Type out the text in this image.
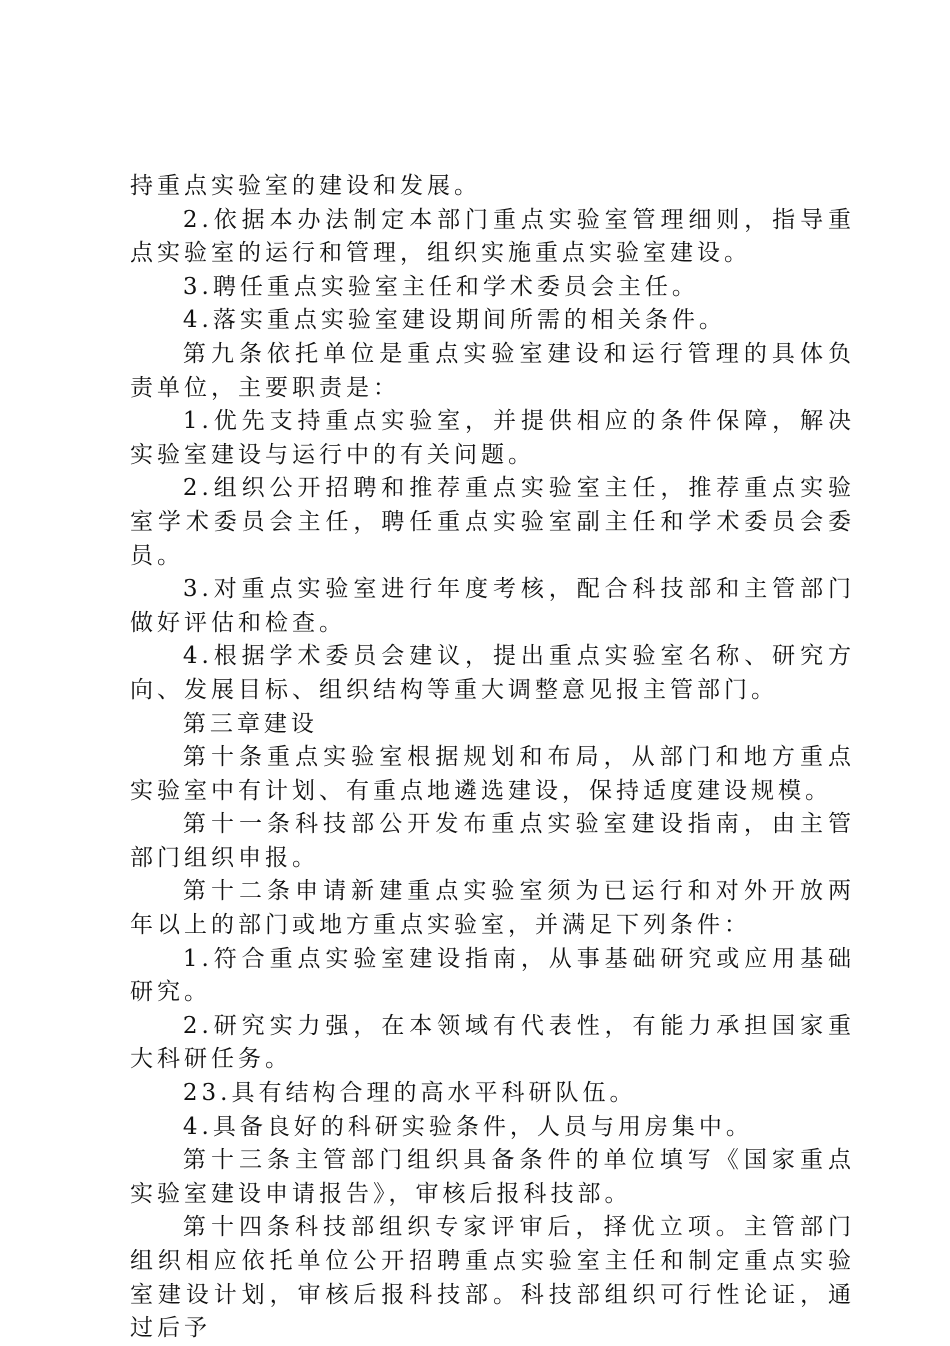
持重点实验室的建设和发展。

2.依据本办法制定本部门重点实验室管理细则，指导重点实验室的运行和管理，组织实施重点实验室建设。

3.聘任重点实验室主任和学术委员会主任。

4.落实重点实验室建设期间所需的相关条件。

第九条依托单位是重点实验室建设和运行管理的具体负责单位，主要职责是：

1.优先支持重点实验室，并提供相应的条件保障，解决实验室建设与运行中的有关问题。

2.组织公开招聘和推荐重点实验室主任，推荐重点实验室学术委员会主任，聘任重点实验室副主任和学术委员会委员。

3.对重点实验室进行年度考核，配合科技部和主管部门做好评估和检查。

4.根据学术委员会建议，提出重点实验室名称、研究方向、发展目标、组织结构等重大调整意见报主管部门。

第三章建设

第十条重点实验室根据规划和布局，从部门和地方重点实验室中有计划、有重点地遴选建设，保持适度建设规模。

第十一条科技部公开发布重点实验室建设指南，由主管部门组织申报。

第十二条申请新建重点实验室须为已运行和对外开放两年以上的部门或地方重点实验室，并满足下列条件：

1.符合重点实验室建设指南，从事基础研究或应用基础研究。

2.研究实力强，在本领域有代表性，有能力承担国家重大科研任务。

23.具有结构合理的高水平科研队伍。

4.具备良好的科研实验条件，人员与用房集中。

第十三条主管部门组织具备条件的单位填写《国家重点实验室建设申请报告》，审核后报科技部。

第十四条科技部组织专家评审后，择优立项。主管部门组织相应依托单位公开招聘重点实验室主任和制定重点实验室建设计划，审核后报科技部。科技部组织可行性论证，通过后予
